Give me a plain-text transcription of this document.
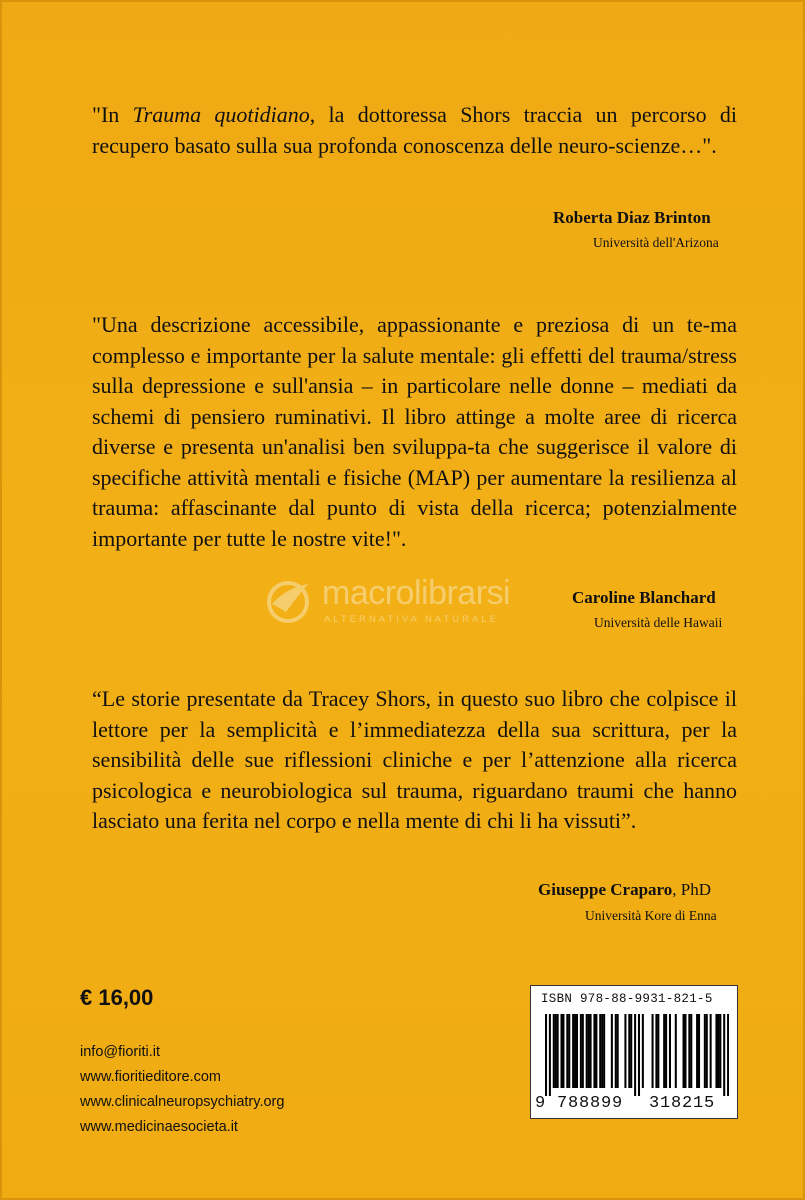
"In Trauma quotidiano, la dottoressa Shors traccia un percorso di recupero basato sulla sua profonda conoscenza delle neuro-scienze…".

Roberta Diaz Brinton
Università dell'Arizona

"Una descrizione accessibile, appassionante e preziosa di un te-ma complesso e importante per la salute mentale: gli effetti del trauma/stress sulla depressione e sull'ansia – in particolare nelle donne – mediati da schemi di pensiero ruminativi. Il libro attinge a molte aree di ricerca diverse e presenta un'analisi ben sviluppa-ta che suggerisce il valore di specifiche attività mentali e fisiche (MAP) per aumentare la resilienza al trauma: affascinante dal punto di vista della ricerca; potenzialmente importante per tutte le nostre vite!".

Caroline Blanchard
Università delle Hawaii
macrolibrarsi
ALTERNATIVA NATURALE

“Le storie presentate da Tracey Shors, in questo suo libro che colpisce il lettore per la semplicità e l’immediatezza della sua scrittura, per la sensibilità delle sue riflessioni cliniche e per l’attenzione alla ricerca psicologica e neurobiologica sul trauma, riguardano traumi che hanno lasciato una ferita nel corpo e nella mente di chi li ha vissuti”.

Giuseppe Craparo, PhD
Università Kore di Enna
€ 16,00
info@fioriti.it
www.fioritieditore.com
www.clinicalneuropsychiatry.org
www.medicinaesocieta.it
ISBN 978-88-9931-821-5
9 788899 318215
